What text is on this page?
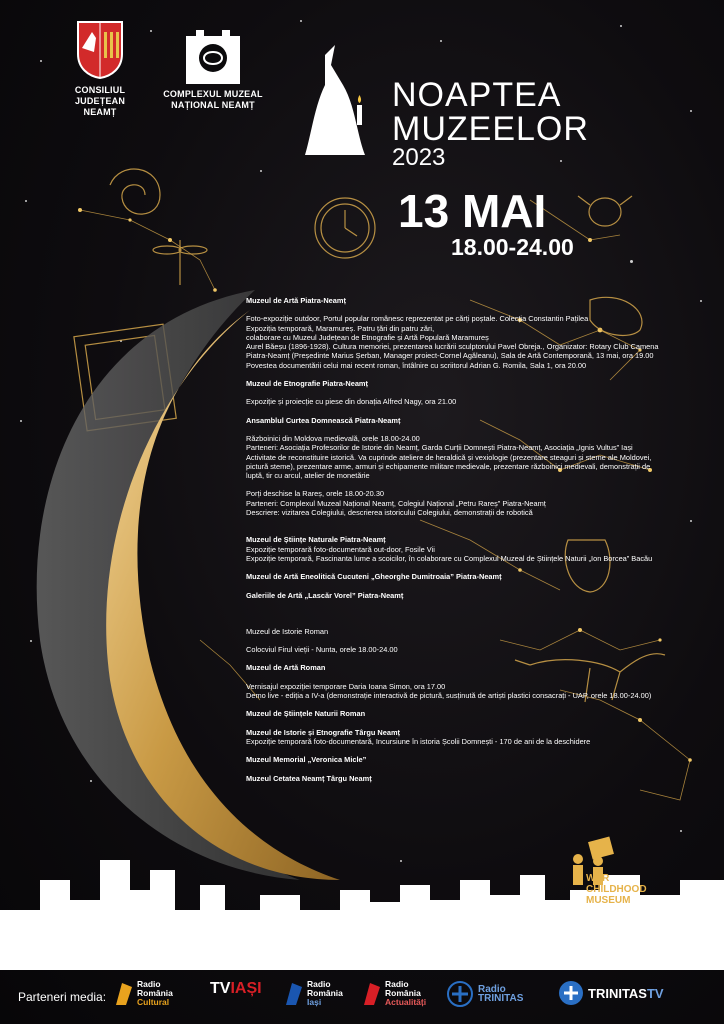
CONSILIUL JUDEȚEAN
NEAMȚ
COMPLEXUL MUZEAL
NAȚIONAL NEAMȚ	NOAPTEA
MUZEELOR
2023
13 MAI
18.00-24.00
Muzeul de Artă Piatra-Neamț
Foto-expoziție outdoor, Portul popular românesc reprezentat pe cărți poștale. Colecția Constantin Pațilea
Expoziția temporară, Maramureș. Patru țări din patru zări,
colaborare cu Muzeul Județean de Etnografie și Artă Populară Maramureș
Aurel Băeșu (1896-1928). Cultura memoriei, prezentarea lucrării sculptorului Pavel Obreja., Organizator: Rotary Club Camena
Piatra-Neamț (Președinte Marius Șerban, Manager proiect-Cornel Agăleanu), Sala de Artă Contemporană, 13 mai, ora 19.00
Povestea documentării celui mai recent roman, întâlnire cu scriitorul Adrian G. Romila, Sala 1, ora 20.00
Muzeul de Etnografie Piatra-Neamț
Expoziție și proiecție cu piese din donația Alfred Nagy, ora 21.00
Ansamblul Curtea Domnească Piatra-Neamț
Războinici din Moldova medievală, orele 18.00-24.00
Parteneri: Asociația Profesorilor de Istorie din Neamț, Garda Curții Domnești Piatra-Neamț, Asociația „Ignis Vultus” Iași
Activitate de reconstituire istorică. Va cuprinde ateliere de heraldică și vexiologie (prezentare steaguri și steme ale Moldovei,
pictură steme), prezentare arme, armuri și echipamente militare medievale, prezentare războinici medievali, demonstrații de
luptă, tir cu arcul, atelier de monetărie
Porți deschise la Rareș, orele 18.00-20.30
Parteneri: Complexul Muzeal Național Neamț, Colegiul Național „Petru Rareș” Piatra-Neamț
Descriere: vizitarea Colegiului, descrierea istoricului Colegiului, demonstrații de robotică
Muzeul de Științe Naturale Piatra-Neamț
Expoziție temporară foto-documentară out-door, Fosile Vii
Expoziție temporară, Fascinanta lume a scoicilor, în colaborare cu Complexul Muzeal de Științele Naturii „Ion Borcea” Bacău
Muzeul de Artă Eneolitică Cucuteni „Gheorghe Dumitroaia” Piatra-Neamț
Galeriile de Artă „Lascăr Vorel” Piatra-Neamț
Muzeul de Istorie Roman
Colocviul Firul vieții - Nunta, orele 18.00-24.00
Muzeul de Artă Roman
Vernisajul expoziției temporare Daria Ioana Simon, ora 17.00
Demo live - ediția a IV-a (demonstrație interactivă de pictură, susținută de artiști plastici consacrați - UAP, orele 18.00-24.00)
Muzeul de Științele Naturii Roman
Muzeul de Istorie și Etnografie Târgu Neamț
Expoziție temporară foto-documentară, Incursiune în istoria Școlii Domnești - 170 de ani de la deschidere
Muzeul Memorial „Veronica Micle”
Muzeul Cetatea Neamț Târgu Neamț
WAR
CHILDHOOD
MUSEUM
Parteneri media:
Radio
România
Cultural
TV IAȘI	Radio
România
Iași
Radio
România
Actualități
Radio
TRINITAS	TRINITAS TV
